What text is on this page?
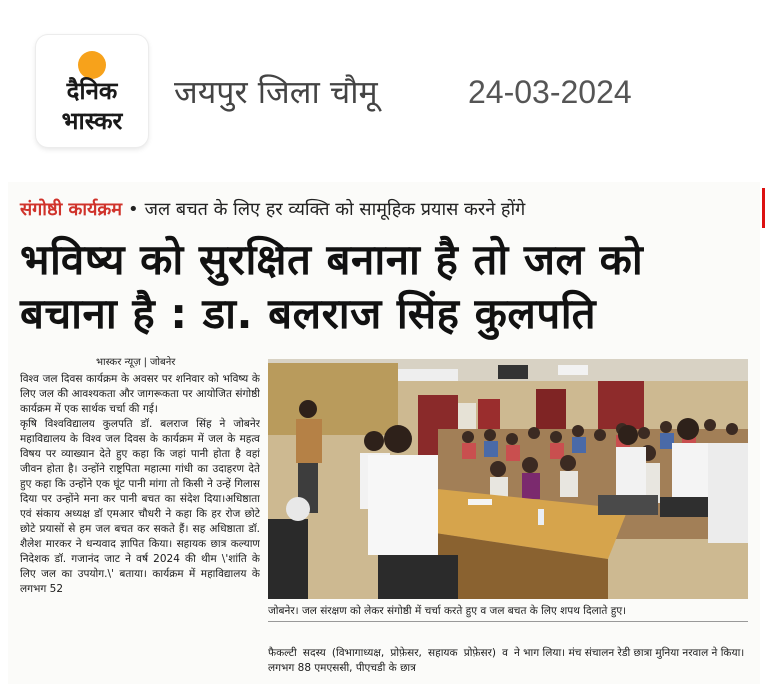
दैनिक
भास्कर
जयपुर जिला चौमू	24-03-2024
संगोष्ठी कार्यक्रम • जल बचत के लिए हर व्यक्ति को सामूहिक प्रयास करने होंगे
भविष्य को सुरक्षित बनाना है तो जल को
बचाना है : डा. बलराज सिंह कुलपति
भास्कर न्यूज़ | जोबनेर

विश्व जल दिवस कार्यक्रम के अवसर पर शनिवार को भविष्य के लिए जल की आवश्यकता और जागरूकता पर आयोजित संगोष्ठी कार्यक्रम में एक सार्थक चर्चा की गई।

कृषि विश्वविद्यालय कुलपति डॉ. बलराज सिंह ने जोबनेर महाविद्यालय के विश्व जल दिवस के कार्यक्रम में जल के महत्व विषय पर व्याख्यान देते हुए कहा कि जहां पानी होता है वहां जीवन होता है। उन्होंने राष्ट्रपिता महात्मा गांधी का उदाहरण देते हुए कहा कि उन्होंने एक घूंट पानी मांगा तो किसी ने उन्हें गिलास दिया पर उन्होंने मना कर पानी बचत का संदेश दिया।अधिष्ठाता एवं संकाय अध्यक्ष डॉ एमआर चौधरी ने कहा कि हर रोज छोटे छोटे प्रयासों से हम जल बचत कर सकते हैं। सह अधिष्ठाता डॉ. शैलेश मारकर ने धन्यवाद ज्ञापित किया। सहायक छात्र कल्याण निदेशक डॉ. गजानंद जाट ने वर्ष 2024 की थीम \'शांति के लिए जल का उपयोग.\' बताया। कार्यक्रम में महाविद्यालय के लगभग 52

जोबनेर। जल संरक्षण को लेकर संगोष्ठी में चर्चा करते हुए व जल बचत के लिए शपथ दिलाते हुए।
फैकल्टी सदस्य (विभागाध्यक्ष, प्रोफ़ेसर, सहायक प्रोफ़ेसर) व लगभग 88 एमएससी, पीएचडी के छात्र
ने भाग लिया। मंच संचालन रेडी छात्रा मुनिया नरवाल ने किया।
